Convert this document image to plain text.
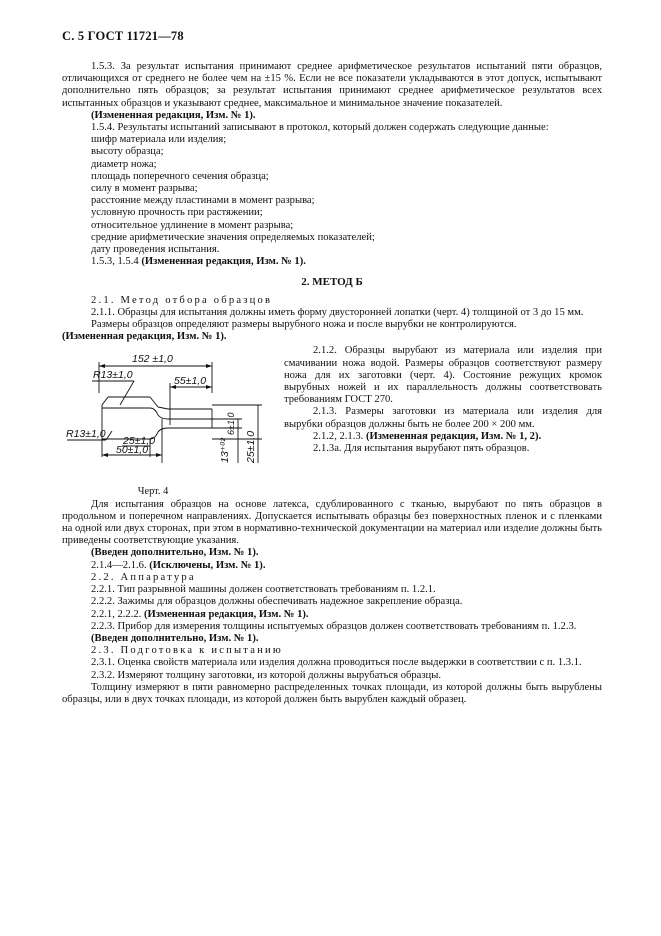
С. 5 ГОСТ 11721—78

1.5.3. За результат испытания принимают среднее арифметическое результатов испытаний пяти образцов, отличающихся от среднего не более чем на ±15 %. Если не все показатели укладываются в этот допуск, испытывают дополнительно пять образцов; за результат испытания принимают среднее арифметическое результатов всех испытанных образцов и указывают среднее, максимальное и минимальное значение показателей.

(Измененная редакция, Изм. № 1).

1.5.4. Результаты испытаний записывают в протокол, который должен содержать следующие данные:

шифр материала или изделия;

высоту образца;

диаметр ножа;

площадь поперечного сечения образца;

силу в момент разрыва;

расстояние между пластинами в момент разрыва;

условную прочность при растяжении;

относительное удлинение в момент разрыва;

средние арифметические значения определяемых показателей;

дату проведения испытания.

1.5.3, 1.5.4 (Измененная редакция, Изм. № 1).

2. МЕТОД Б

2.1. Метод отбора образцов

2.1.1. Образцы для испытания должны иметь форму двусторонней лопатки (черт. 4) толщиной от 3 до 15 мм.

Размеры образцов определяют размеры вырубного ножа и после вырубки не контролируются.

(Измененная редакция, Изм. № 1).

152 ±1,0
R13±1,0	55±1,0
R13±1,0
25±1,0
50±1,0	13⁺⁰²
6±1,0
25±1,0
Черт. 4

2.1.2. Образцы вырубают из материала или изделия при смачивании ножа водой. Размеры образцов соответствуют размеру ножа для их заготовки (черт. 4). Состояние режущих кромок вырубных ножей и их параллельность должны соответствовать требованиям ГОСТ 270.

2.1.3. Размеры заготовки из материала или изделия для вырубки образцов должны быть не более 200 × 200 мм.

2.1.2, 2.1.3. (Измененная редакция, Изм. № 1, 2).

2.1.3а. Для испытания вырубают пять образцов.

Для испытания образцов на основе латекса, сдублированного с тканью, вырубают по пять образцов в продольном и поперечном направлениях. Допускается испытывать образцы без поверхностных пленок и с пленками на одной или двух сторонах, при этом в нормативно-технической документации на материал или изделие должны быть приведены соответствующие указания.

(Введен дополнительно, Изм. № 1).

2.1.4—2.1.6. (Исключены, Изм. № 1).

2.2. Аппаратура

2.2.1. Тип разрывной машины должен соответствовать требованиям п. 1.2.1.

2.2.2. Зажимы для образцов должны обеспечивать надежное закрепление образца.

2.2.1, 2.2.2. (Измененная редакция, Изм. № 1).

2.2.3. Прибор для измерения толщины испытуемых образцов должен соответствовать требованиям п. 1.2.3.

(Введен дополнительно, Изм. № 1).

2.3. Подготовка к испытанию

2.3.1. Оценка свойств материала или изделия должна проводиться после выдержки в соответствии с п. 1.3.1.

2.3.2. Измеряют толщину заготовки, из которой должны вырубаться образцы.

Толщину измеряют в пяти равномерно распределенных точках площади, из которой должны быть вырублены образцы, или в двух точках площади, из которой должен быть вырублен каждый образец.
